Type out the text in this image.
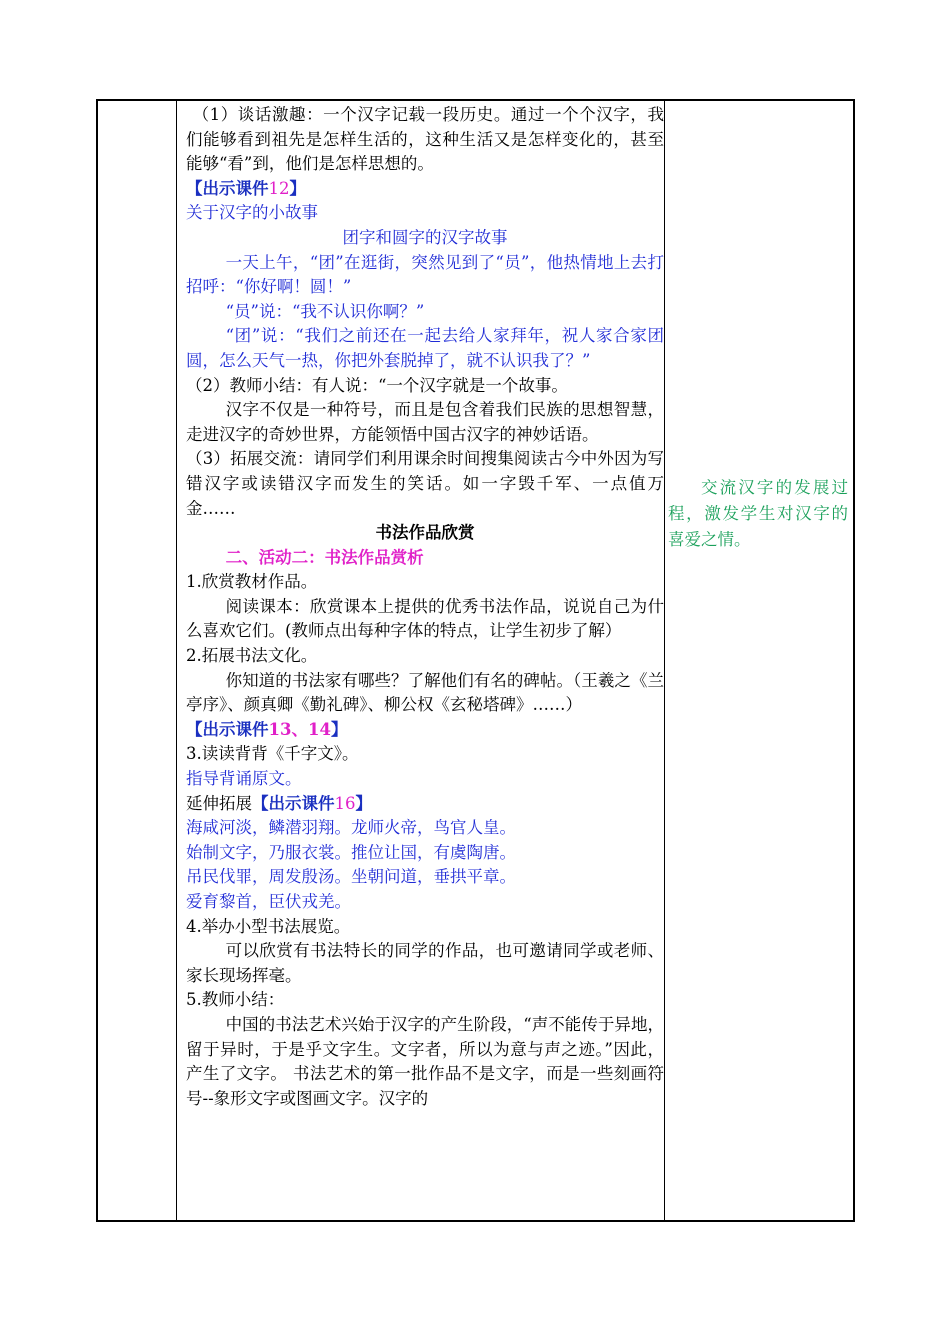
（1）谈话激趣：一个汉字记载一段历史。通过一个个汉字，我们能够看到祖先是怎样生活的，这种生活又是怎样变化的，甚至能够“看”到，他们是怎样思想的。
【出示课件12】
关于汉字的小故事
团字和圆字的汉字故事
一天上午，“团”在逛街，突然见到了“员”，他热情地上去打招呼：“你好啊！圆！”
“员”说：“我不认识你啊？”
“团”说：“我们之前还在一起去给人家拜年，祝人家合家团圆，怎么天气一热，你把外套脱掉了，就不认识我了？”
（2）教师小结：有人说：“一个汉字就是一个故事。
汉字不仅是一种符号，而且是包含着我们民族的思想智慧，走进汉字的奇妙世界，方能领悟中国古汉字的神妙话语。
（3）拓展交流：请同学们利用课余时间搜集阅读古今中外因为写错汉字或读错汉字而发生的笑话。如一字毁千军、一点值万金……
书法作品欣赏
二、活动二：书法作品赏析
1.欣赏教材作品。
阅读课本：欣赏课本上提供的优秀书法作品，说说自己为什么喜欢它们。(教师点出每种字体的特点，让学生初步了解）
2.拓展书法文化。
你知道的书法家有哪些？了解他们有名的碑帖。（王羲之《兰亭序》、颜真卿《勤礼碑》、柳公权《玄秘塔碑》……）
【出示课件13、14】
3.读读背背《千字文》。
指导背诵原文。
延伸拓展【出示课件16】
海咸河淡，鳞潜羽翔。龙师火帝，鸟官人皇。
始制文字，乃服衣裳。推位让国，有虞陶唐。
吊民伐罪，周发殷汤。坐朝问道，垂拱平章。
爱育黎首，臣伏戎羌。
4.举办小型书法展览。
可以欣赏有书法特长的同学的作品，也可邀请同学或老师、家长现场挥毫。
5.教师小结：
中国的书法艺术兴始于汉字的产生阶段，“声不能传于异地，留于异时，于是乎文字生。文字者，所以为意与声之迹。”因此，产生了文字。 书法艺术的第一批作品不是文字，而是一些刻画符号--象形文字或图画文字。汉字的
交流汉字的发展过程，激发学生对汉字的喜爱之情。
